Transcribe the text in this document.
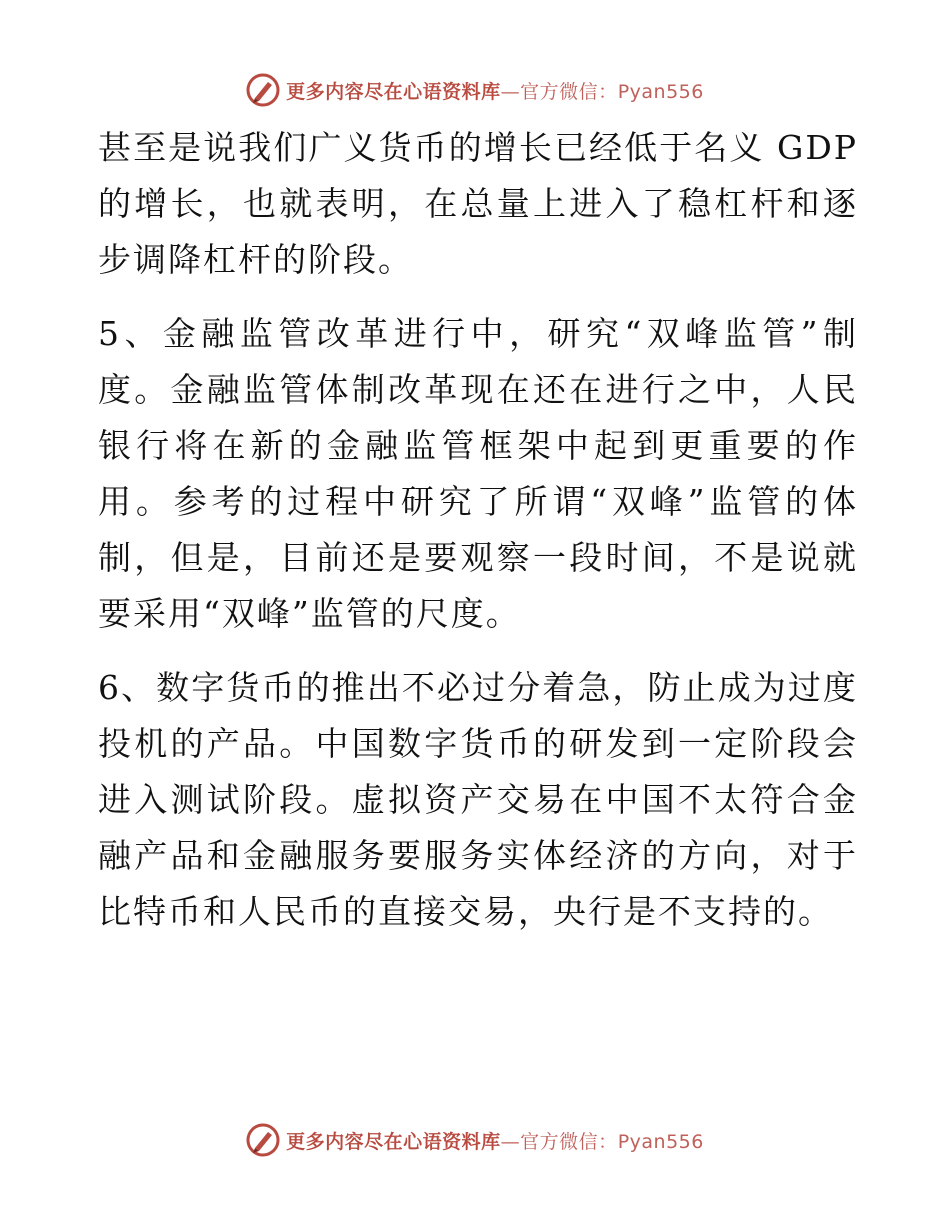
更多内容尽在心语资料库—官方微信：Pyan556

甚至是说我们广义货币的增长已经低于名义 GDP 的增长，也就表明，在总量上进入了稳杠杆和逐步调降杠杆的阶段。

5、金融监管改革进行中，研究“双峰监管”制度。金融监管体制改革现在还在进行之中，人民银行将在新的金融监管框架中起到更重要的作用。参考的过程中研究了所谓“双峰”监管的体制，但是，目前还是要观察一段时间，不是说就要采用“双峰”监管的尺度。

6、数字货币的推出不必过分着急，防止成为过度投机的产品。中国数字货币的研发到一定阶段会进入测试阶段。虚拟资产交易在中国不太符合金融产品和金融服务要服务实体经济的方向，对于比特币和人民币的直接交易，央行是不支持的。

更多内容尽在心语资料库—官方微信：Pyan556
